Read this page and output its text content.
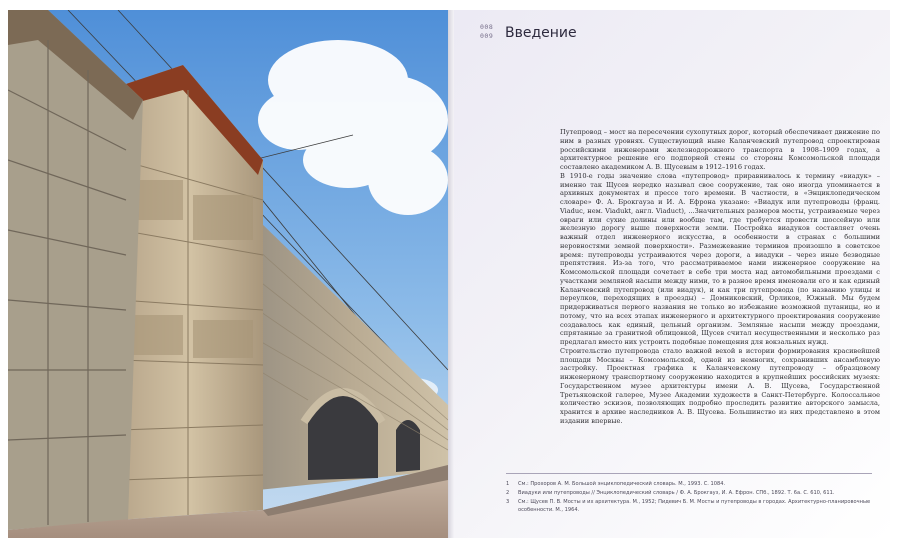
008
009 Введение

Путепровод – мост на пересечении сухопутных дорог, который обеспечивает движение по ним в разных уровнях. Существующий ныне Каланчевский путепровод спроектирован российскими инженерами железнодорожного транспорта в 1908–1909 годах, а архитектурное решение его подпорной стены со стороны Комсомольской площади составлено академиком А. В. Щусевым в 1912–1916 годах.

В 1910-е годы значение слова «путепровод» приравнивалось к термину «виадук» – именно так Щусев нередко называл свое сооружение, так оно иногда упоминается в архивных документах и прессе того времени. В частности, в «Энциклопедическом словаре» Ф. А. Брокгауза и И. А. Ефрона указано: «Виадук или путепроводы (франц. Viaduc, нем. Viadukt, англ. Viaduct), ...Значительных размеров мосты, устраиваемые через овраги или сухие долины или вообще там, где требуется провести шоссейную или железную дорогу выше поверхности земли. Постройка виадуков составляет очень важный отдел инженерного искусства, в особенности в странах с большими неровностями земной поверхности». Размежевание терминов произошло в советское время: путепроводы устраиваются через дороги, а виадуки – через иные безводные препятствия. Из-за того, что рассматриваемое нами инженерное сооружение на Комсомольской площади сочетает в себе три моста над автомобильными проездами с участками земляной насыпи между ними, то в разное время именовали его и как единый Каланчевский путепровод (или виадук), и как три путепровода (по названию улицы и переулков, переходящих в проезды) – Домниковский, Орликов, Южный. Мы будем придерживаться первого названия не только во избежание возможной путаницы, но и потому, что на всех этапах инженерного и архитектурного проектирования сооружение создавалось как единый, цельный организм. Земляные насыпи между проездами, спрятанные за гранитной облицовкой, Щусев считал несущественными и несколько раз предлагал вместо них устроить подобные помещения для вокзальных нужд.

Строительство путепровода стало важной вехой в истории формирования красивейшей площади Москвы – Комсомольской, одной из немногих, сохранивших ансамблевую застройку. Проектная графика к Каланчевскому путепроводу – образцовому инженерному транспортному сооружению находится в крупнейших российских музеях: Государственном музее архитектуры имени А. В. Щусева, Государственной Третьяковской галерее, Музее Академии художеств в Санкт-Петербурге. Колоссальное количество эскизов, позволяющих подробно проследить развитие авторского замысла, хранится в архиве наследников А. В. Щусева. Большинство из них представлено в этом издании впервые.

1	См.: Прохоров А. М. Большой энциклопедический словарь. М., 1993. С. 1084.
2	Виадуки или путепроводы // Энциклопедический словарь / Ф. А. Брокгауз, И. А. Ефрон. СПб., 1892. Т. 6а. С. 610, 611.
3	См.: Щусев П. В. Мосты и их архитектура. М., 1952; Пидевич Б. М. Мосты и путепроводы в городах. Архитектурно-планировочные особенности. М., 1964.
